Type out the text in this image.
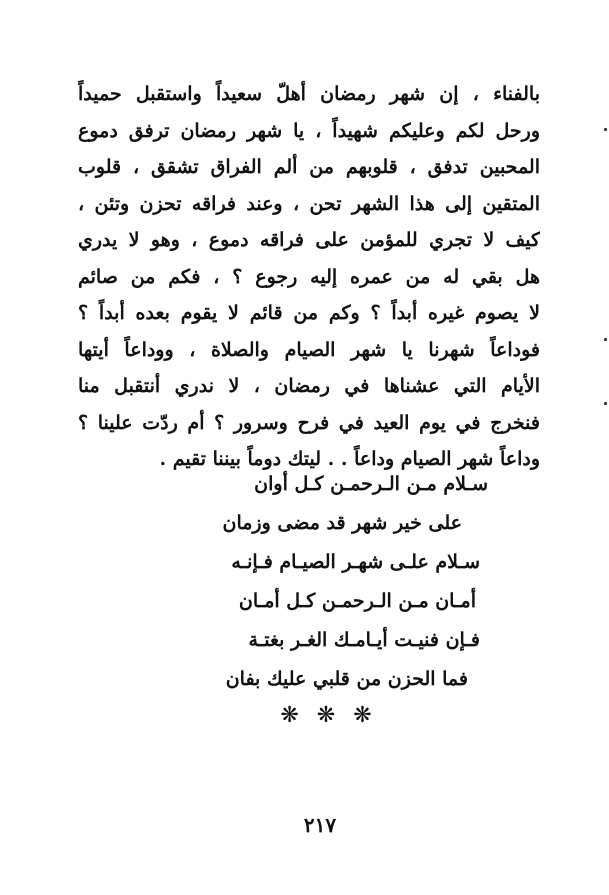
بالفناء ، إن شهر رمضان أهلّ سعيداً واستقبل حميداً
ورحل لكم وعليكم شهيداً ، يا شهر رمضان ترفق دموع
المحبين تدفق ، قلوبهم من ألم الفراق تشقق ، قلوب
المتقين إلى هذا الشهر تحن ، وعند فراقه تحزن وتئن ،
كيف لا تجري للمؤمن على فراقه دموع ، وهو لا يدري
هل بقي له من عمره إليه رجوع ؟ ، فكم من صائم
لا يصوم غيره أبداً ؟ وكم من قائم لا يقوم بعده أبداً ؟
فوداعاً شهرنا يا شهر الصيام والصلاة ، ووداعاً أيتها
الأيام التي عشناها في رمضان ، لا ندري أنتقبل منا
فنخرج في يوم العيد في فرح وسرور ؟ أم ردّت علينا ؟
وداعاً شهر الصيام وداعاً . . ليتك دوماً بيننا تقيم .
سـلام مـن الـرحمـن كـل أوان
على خير شهر قد مضى وزمان
سـلام علـى شهـر الصيـام فـإنـه
أمـان مـن الـرحمـن كـل أمـان
فـإن فنيـت أيـامـك الغـر بغتـة
فما الحزن من قلبي عليك بفان
❋❋❋
٢١٧
